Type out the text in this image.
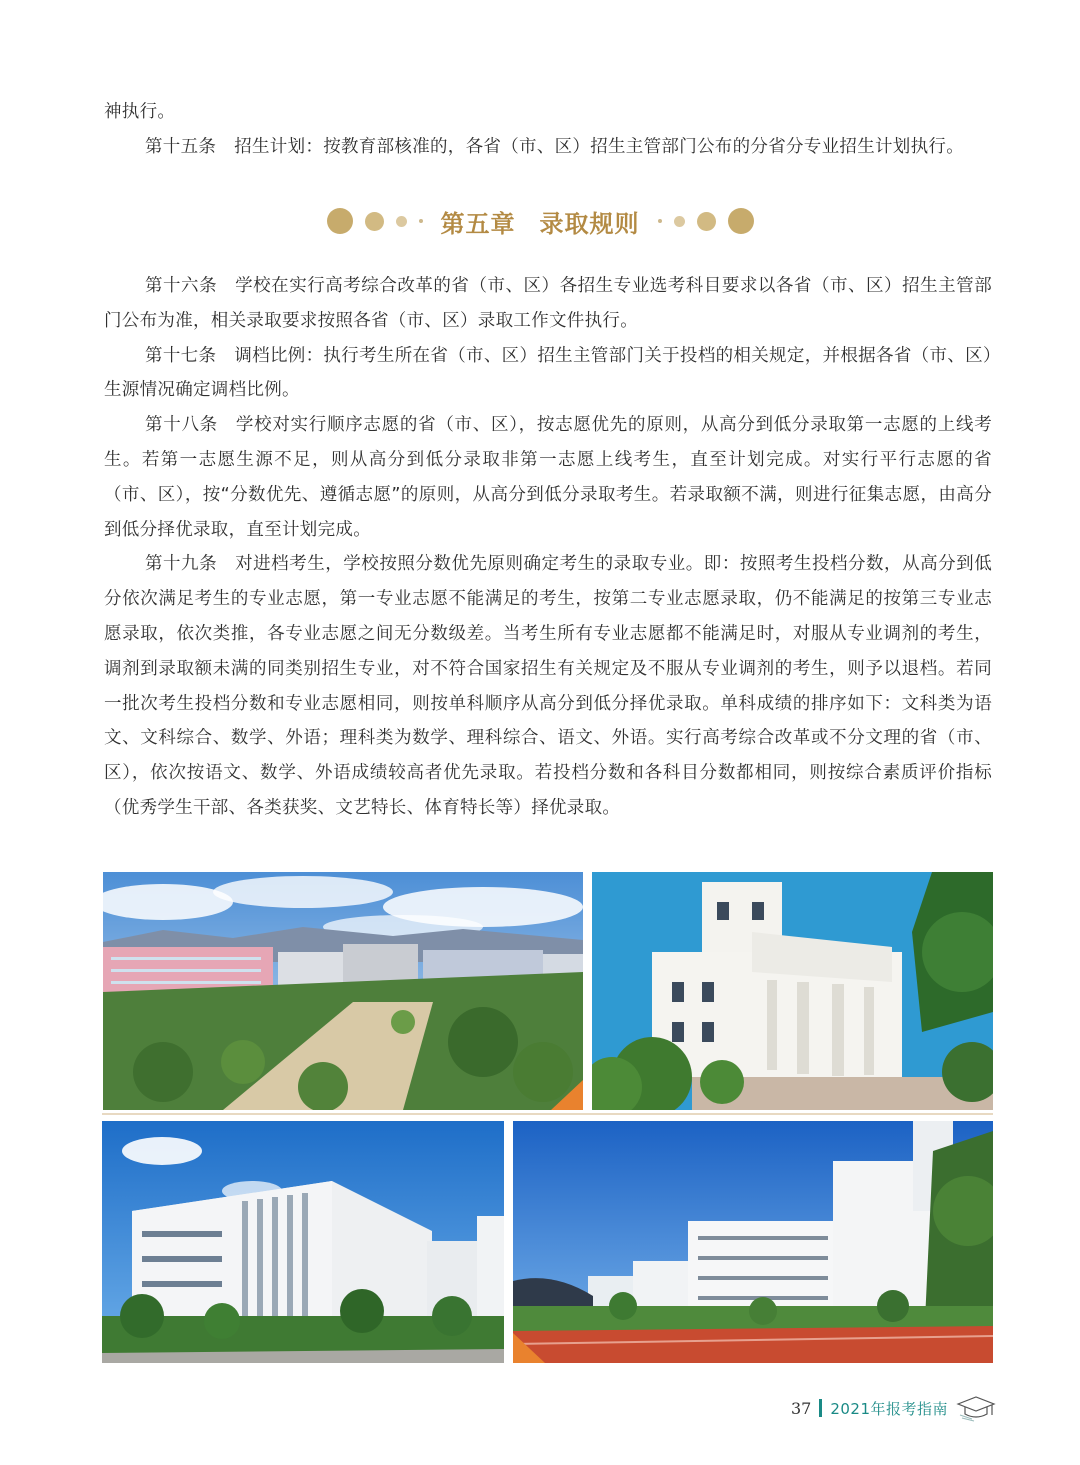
神执行。

第十五条 招生计划：按教育部核准的，各省（市、区）招生主管部门公布的分省分专业招生计划执行。

第五章 录取规则

第十六条 学校在实行高考综合改革的省（市、区）各招生专业选考科目要求以各省（市、区）招生主管部门公布为准，相关录取要求按照各省（市、区）录取工作文件执行。

第十七条 调档比例：执行考生所在省（市、区）招生主管部门关于投档的相关规定，并根据各省（市、区）生源情况确定调档比例。

第十八条 学校对实行顺序志愿的省（市、区），按志愿优先的原则，从高分到低分录取第一志愿的上线考生。若第一志愿生源不足，则从高分到低分录取非第一志愿上线考生，直至计划完成。对实行平行志愿的省（市、区），按“分数优先、遵循志愿”的原则，从高分到低分录取考生。若录取额不满，则进行征集志愿，由高分到低分择优录取，直至计划完成。

第十九条 对进档考生，学校按照分数优先原则确定考生的录取专业。即：按照考生投档分数，从高分到低分依次满足考生的专业志愿，第一专业志愿不能满足的考生，按第二专业志愿录取，仍不能满足的按第三专业志愿录取，依次类推，各专业志愿之间无分数级差。当考生所有专业志愿都不能满足时，对服从专业调剂的考生，调剂到录取额未满的同类别招生专业，对不符合国家招生有关规定及不服从专业调剂的考生，则予以退档。若同一批次考生投档分数和专业志愿相同，则按单科顺序从高分到低分择优录取。单科成绩的排序如下：文科类为语文、文科综合、数学、外语；理科类为数学、理科综合、语文、外语。实行高考综合改革或不分文理的省（市、区），依次按语文、数学、外语成绩较高者优先录取。若投档分数和各科目分数都相同，则按综合素质评价指标（优秀学生干部、各类获奖、文艺特长、体育特长等）择优录取。

37 2021年报考指南
